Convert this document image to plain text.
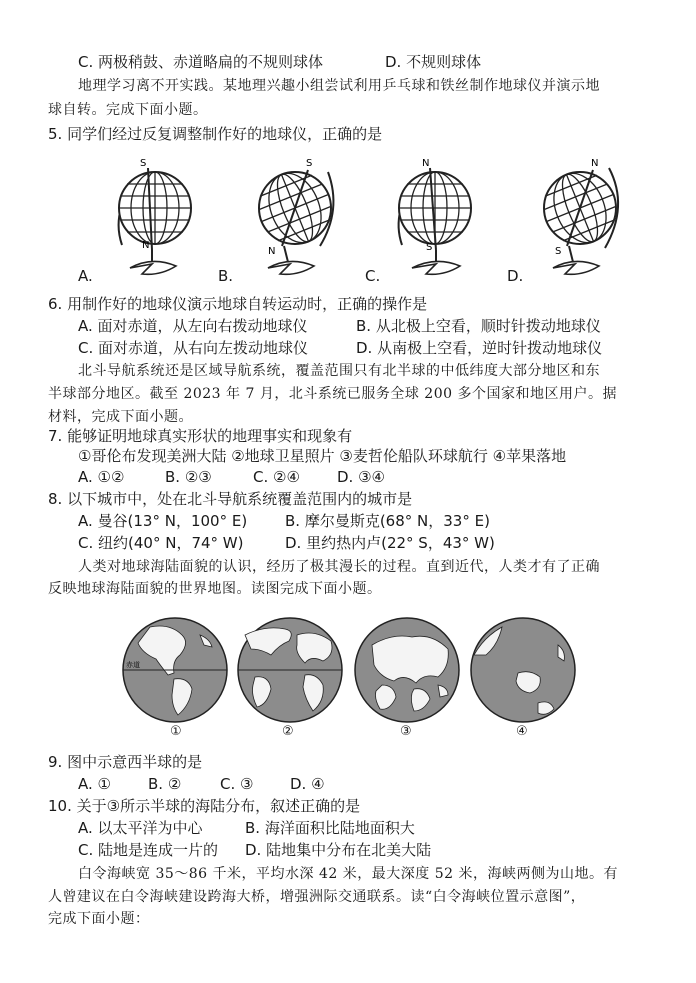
C. 两极稍鼓、赤道略扁的不规则球体	D. 不规则球体
地理学习离不开实践。某地理兴趣小组尝试利用乒乓球和铁丝制作地球仪并演示地
球自转。完成下面小题。
5. 同学们经过反复调整制作好的地球仪，正确的是
S
N
S
N
N
S
N
S
A.	B.	C.	D.
6. 用制作好的地球仪演示地球自转运动时，正确的操作是
A. 面对赤道，从左向右拨动地球仪	B. 从北极上空看，顺时针拨动地球仪
C. 面对赤道，从右向左拨动地球仪	D. 从南极上空看，逆时针拨动地球仪
北斗导航系统还是区域导航系统，覆盖范围只有北半球的中低纬度大部分地区和东
半球部分地区。截至 2023 年 7 月，北斗系统已服务全球 200 多个国家和地区用户。据
材料，完成下面小题。
7. 能够证明地球真实形状的地理事实和现象有
①哥伦布发现美洲大陆 ②地球卫星照片 ③麦哲伦船队环球航行 ④苹果落地
A. ①②	B. ②③	C. ②④ D. ③④
8. 以下城市中，处在北斗导航系统覆盖范围内的城市是
A. 曼谷(13° N，100° E)	B. 摩尔曼斯克(68° N，33° E)
C. 纽约(40° N，74° W)	D. 里约热内卢(22° S，43° W)
人类对地球海陆面貌的认识，经历了极其漫长的过程。直到近代，人类才有了正确
反映地球海陆面貌的世界地图。读图完成下面小题。
赤道
①	②	③	④
9. 图中示意西半球的是
A. ① B. ②	C. ③ D. ④
10. 关于③所示半球的海陆分布，叙述正确的是
A. 以太平洋为中心	B. 海洋面积比陆地面积大
C. 陆地是连成一片的 D. 陆地集中分布在北美大陆
白令海峡宽 35～86 千米，平均水深 42 米，最大深度 52 米，海峡两侧为山地。有
人曾建议在白令海峡建设跨海大桥，增强洲际交通联系。读“白令海峡位置示意图”，
完成下面小题：
